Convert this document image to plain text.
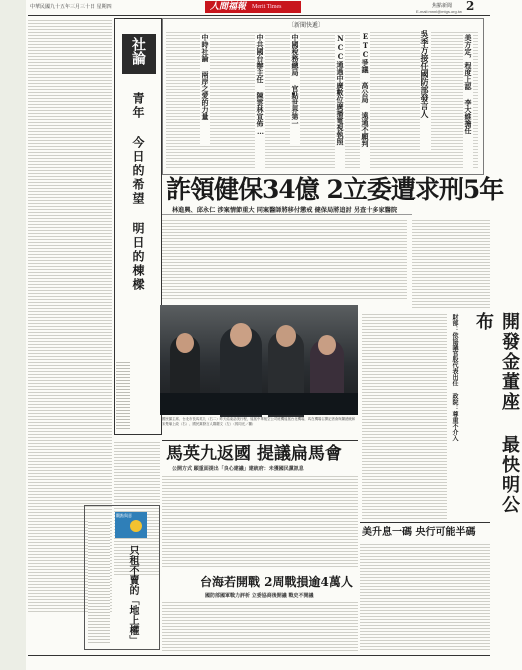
中華民國九十五年三月三十日 星期四	人間福報 Merit Times	焦點新聞 2
E-mail:mnnl@mtgs.org.tw
社論
青年 今日的希望 明日的棟樑
〔新聞快遞〕
吳季方接任國防部發言人
ETC爭議 高公局 遠通不願判
NCC通過中廣數位廣播電視執照
中國稅務總局 官點世界第一
中共國台辦主任 陳雲林宣佈…
中時社論 兩岸之愛的力量	美方定，程度上認 李大維擔任
詐領健保34億 2立委遭求刑5年
林進興、邱永仁 涉案情節重大 同案醫師將移付懲戒 健保局將追討 另查十多家醫院
開發金董座 最快明公布
財部：依協議官股代表出任 政院：尊重不介入
國民黨主席、台北市長馬英九（右二）昨天結束訪美行程，返抵中華航空公司班機返抵台北機場，馬在機場召開記者會與陳總統和宋楚瑜上政（右）、國民黨發言人鄭麗文（左）（郭同光／攝）
馬英九返國 提議扁馬會
公開方式 願重面提出「良心建議」建統府：未獲國民黨訊息
觀點與意
只租不賣的「地上權」
美升息一碼 央行可能半碼
台海若開戰 2周戰損逾4萬人
國防部國軍戰力評析 立委協商後開議 戰史不開議
